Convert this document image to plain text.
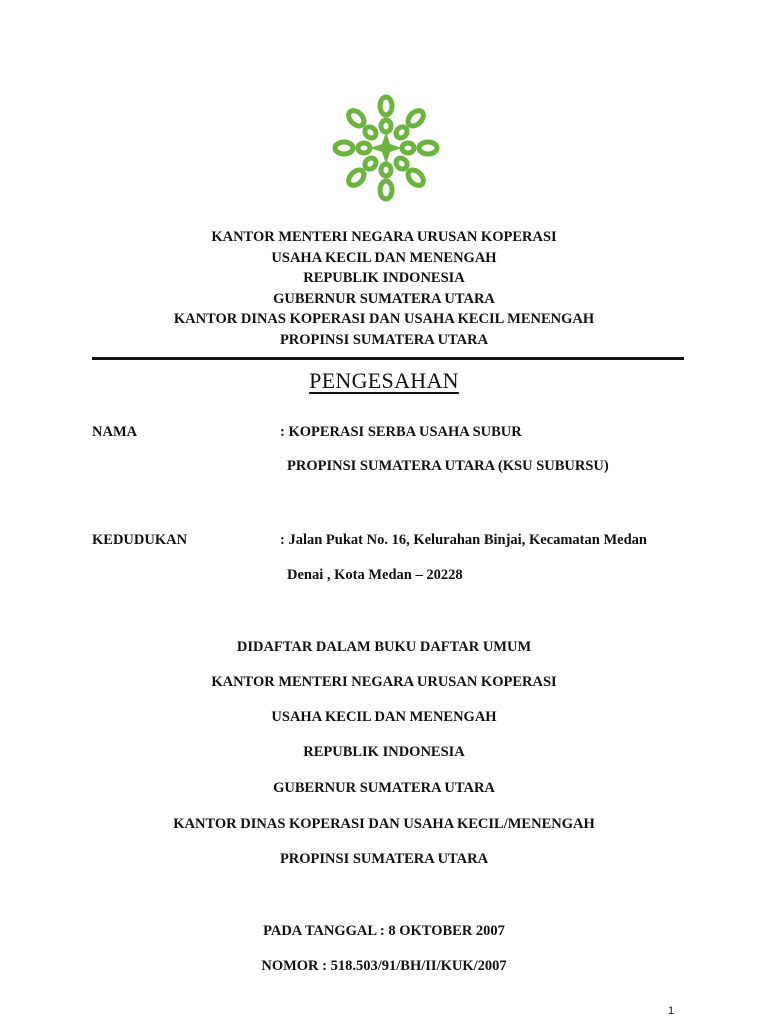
KANTOR MENTERI NEGARA URUSAN KOPERASI
USAHA KECIL DAN MENENGAH
REPUBLIK INDONESIA
GUBERNUR SUMATERA UTARA
KANTOR DINAS KOPERASI DAN USAHA KECIL MENENGAH
PROPINSI SUMATERA UTARA
PENGESAHAN
NAMA	: KOPERASI SERBA USAHA SUBUR
PROPINSI SUMATERA UTARA (KSU SUBURSU)
KEDUDUKAN	: Jalan Pukat No. 16, Kelurahan Binjai, Kecamatan Medan
Denai , Kota Medan – 20228
DIDAFTAR DALAM BUKU DAFTAR UMUM
KANTOR MENTERI NEGARA URUSAN KOPERASI
USAHA KECIL DAN MENENGAH
REPUBLIK INDONESIA
GUBERNUR SUMATERA UTARA
KANTOR DINAS KOPERASI DAN USAHA KECIL/MENENGAH
PROPINSI SUMATERA UTARA
PADA TANGGAL : 8 OKTOBER 2007
NOMOR : 518.503/91/BH/II/KUK/2007
1
